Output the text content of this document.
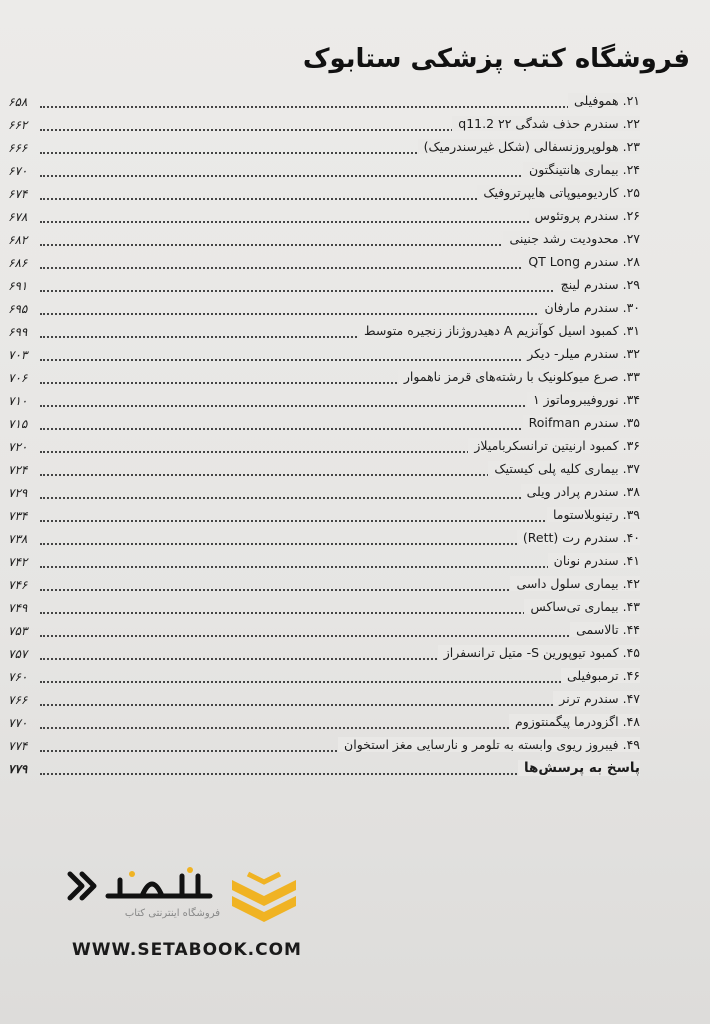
فروشگاه کتب پزشکی ستابوک
۶۵۸	۲۱. هموفیلی
۶۶۲	۲۲. سندرم حذف شدگی q11.2 ۲۲
۶۶۶	۲۳. هولوپروزنسفالی (شکل غیرسندرمیک)
۶۷۰	۲۴. بیماری هانتینگتون
۶۷۴	۲۵. کاردیومیوپاتی هایپرتروفیک
۶۷۸	۲۶. سندرم پروتئوس
۶۸۲	۲۷. محدودیت رشد جنینی
۶۸۶	۲۸. سندرم QT Long
۶۹۱	۲۹. سندرم لینچ
۶۹۵	۳۰. سندرم مارفان
۶۹۹	۳۱. کمبود اسیل کوآنزیم A دهیدروژناز زنجیره متوسط
۷۰۳	۳۲. سندرم میلر- دیکر
۷۰۶	۳۳. صرع میوکلونیک با رشته‌های قرمز ناهموار
۷۱۰	۳۴. نوروفیبروماتوز ۱
۷۱۵	۳۵. سندرم Roifman
۷۲۰	۳۶. کمبود ارنیتین ترانسکرباميلاز
۷۲۴	۳۷. بیماری کلیه پلی کیستیک
۷۲۹	۳۸. سندرم پرادر ویلی
۷۳۴	۳۹. رتینوبلاستوما
۷۳۸	۴۰. سندرم رت (Rett)
۷۴۲	۴۱. سندرم نونان
۷۴۶	۴۲. بیماری سلول داسی
۷۴۹	۴۳. بیماری تی‌ساکس
۷۵۳	۴۴. تالاسمی
۷۵۷	۴۵. کمبود تیوپورین S- متیل ترانسفراز
۷۶۰	۴۶. ترمبوفیلی
۷۶۶	۴۷. سندرم ترنر
۷۷۰	۴۸. اگزودرما پیگمنتوزوم
۷۷۴	۴۹. فیبروز ریوی وابسته به تلومر و نارسایی مغز استخوان
۷۷۹	پاسخ به پرسش‌ها
فروشگاه اینترنتی کتاب
WWW.SETABOOK.COM
